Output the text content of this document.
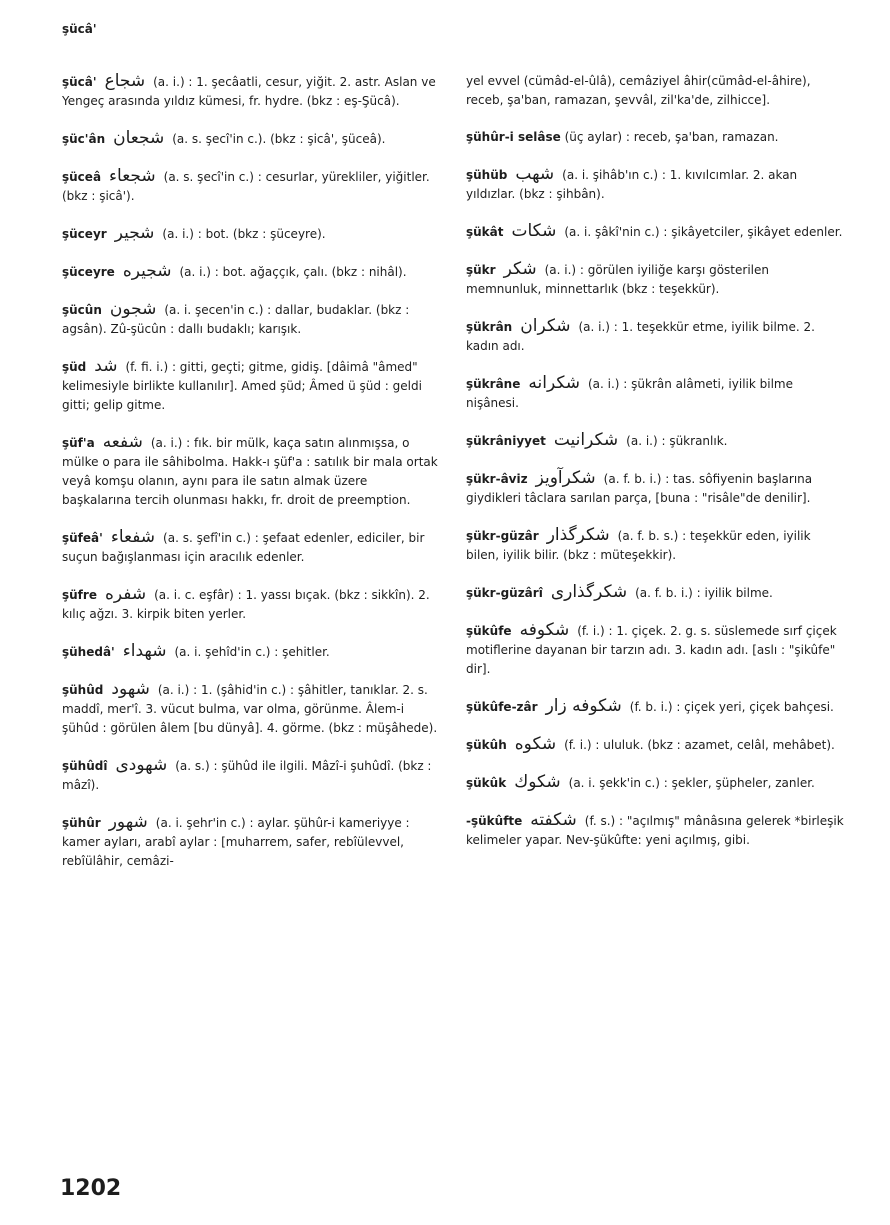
şücâ'
şücâ' شجاع (a. i.) : 1. şecâatli, cesur, yiğit. 2. astr. Aslan ve Yengeç arasında yıldız kümesi, fr. hydre. (bkz : eş-Şücâ).
şüc'ân شجعان (a. s. şecî'in c.). (bkz : şicâ', şüceâ).
şüceâ شجعاء (a. s. şecî'in c.) : cesurlar, yürekliler, yiğitler. (bkz : şicâ').
şüceyr شجير (a. i.) : bot. (bkz : şüceyre).
şüceyre شجيره (a. i.) : bot. ağaççık, çalı. (bkz : nihâl).
şücûn شجون (a. i. şecen'in c.) : dallar, budaklar. (bkz : agsân). Zû-şücûn : dallı budaklı; karışık.
şüd شد (f. fi. i.) : gitti, geçti; gitme, gidiş. [dâimâ "âmed" kelimesiyle birlikte kullanılır]. Amed şüd; Âmed ü şüd : geldi gitti; gelip gitme.
şüf'a شفعه (a. i.) : fık. bir mülk, kaça satın alınmışsa, o mülke o para ile sâhibolma. Hakk-ı şüf'a : satılık bir mala ortak veyâ komşu olanın, aynı para ile satın almak üzere başkalarına tercih olunması hakkı, fr. droit de preemption.
şüfeâ' شفعاء (a. s. şefî'in c.) : şefaat edenler, ediciler, bir suçun bağışlanması için aracılık edenler.
şüfre شفره (a. i. c. eşfâr) : 1. yassı bıçak. (bkz : sikkîn). 2. kılıç ağzı. 3. kirpik biten yerler.
şühedâ' شهداء (a. i. şehîd'in c.) : şehitler.
şühûd شهود (a. i.) : 1. (şâhid'in c.) : şâhitler, tanıklar. 2. s. maddî, mer'î. 3. vücut bulma, var olma, görünme. Âlem-i şühûd : görülen âlem [bu dünyâ]. 4. görme. (bkz : müşâhede).
şühûdî شهودى (a. s.) : şühûd ile ilgili. Mâzî-i şuhûdî. (bkz : mâzî).
şühûr شهور (a. i. şehr'in c.) : aylar. şühûr-i kameriyye : kamer ayları, arabî aylar : [muharrem, safer, rebîülevvel, rebîülâhir, cemâzi-
yel evvel (cümâd-el-ûlâ), cemâziyel âhir(cümâd-el-âhire), receb, şa'ban, ramazan, şevvâl, zil'ka'de, zilhicce].
şühûr-i selâse (üç aylar) : receb, şa'ban, ramazan.
şühüb شهب (a. i. şihâb'ın c.) : 1. kıvılcımlar. 2. akan yıldızlar. (bkz : şihbân).
şükât شكات (a. i. şâkî'nin c.) : şikâyetciler, şikâyet edenler.
şükr شكر (a. i.) : görülen iyiliğe karşı gösterilen memnunluk, minnettarlık (bkz : teşekkür).
şükrân شكران (a. i.) : 1. teşekkür etme, iyilik bilme. 2. kadın adı.
şükrâne شكرانه (a. i.) : şükrân alâmeti, iyilik bilme nişânesi.
şükrâniyyet شكرانيت (a. i.) : şükranlık.
şükr-âviz شكرآويز (a. f. b. i.) : tas. sôfiyenin başlarına giydikleri tâclara sarılan parça, [buna : "risâle"de denilir].
şükr-güzâr شكرگذار (a. f. b. s.) : teşekkür eden, iyilik bilen, iyilik bilir. (bkz : müteşekkir).
şükr-güzârî شكرگذارى (a. f. b. i.) : iyilik bilme.
şükûfe شكوفه (f. i.) : 1. çiçek. 2. g. s. süslemede sırf çiçek motiflerine dayanan bir tarzın adı. 3. kadın adı. [aslı : "şikûfe" dir].
şükûfe-zâr شكوفه زار (f. b. i.) : çiçek yeri, çiçek bahçesi.
şükûh شكوه (f. i.) : ululuk. (bkz : azamet, celâl, mehâbet).
şükûk شكوك (a. i. şekk'in c.) : şekler, şüpheler, zanler.
-şükûfte شكفته (f. s.) : "açılmış" mânâsına gelerek *birleşik kelimeler yapar. Nev-şükûfte: yeni açılmış, gibi.
1202
